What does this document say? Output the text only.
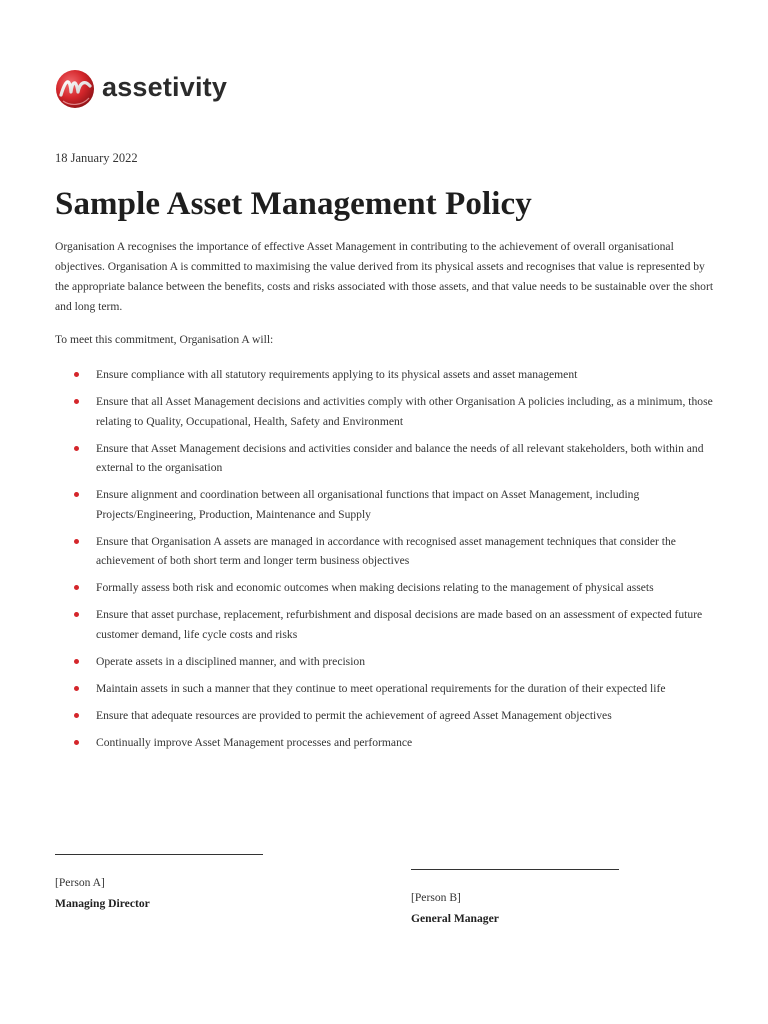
assetivity
18 January 2022
Sample Asset Management Policy

Organisation A recognises the importance of effective Asset Management in contributing to the achievement of overall organisational objectives. Organisation A is committed to maximising the value derived from its physical assets and recognises that value is represented by the appropriate balance between the benefits, costs and risks associated with those assets, and that value needs to be sustainable over the short and long term.

To meet this commitment, Organisation A will:

Ensure compliance with all statutory requirements applying to its physical assets and asset management
Ensure that all Asset Management decisions and activities comply with other Organisation A policies including, as a minimum, those relating to Quality, Occupational, Health, Safety and Environment
Ensure that Asset Management decisions and activities consider and balance the needs of all relevant stakeholders, both within and external to the organisation
Ensure alignment and coordination between all organisational functions that impact on Asset Management, including Projects/Engineering, Production, Maintenance and Supply
Ensure that Organisation A assets are managed in accordance with recognised asset management techniques that consider the achievement of both short term and longer term business objectives
Formally assess both risk and economic outcomes when making decisions relating to the management of physical assets
Ensure that asset purchase, replacement, refurbishment and disposal decisions are made based on an assessment of expected future customer demand, life cycle costs and risks
Operate assets in a disciplined manner, and with precision
Maintain assets in such a manner that they continue to meet operational requirements for the duration of their expected life
Ensure that adequate resources are provided to permit the achievement of agreed Asset Management objectives
Continually improve Asset Management processes and performance
[Person A]
Managing Director	[Person B]
General Manager
